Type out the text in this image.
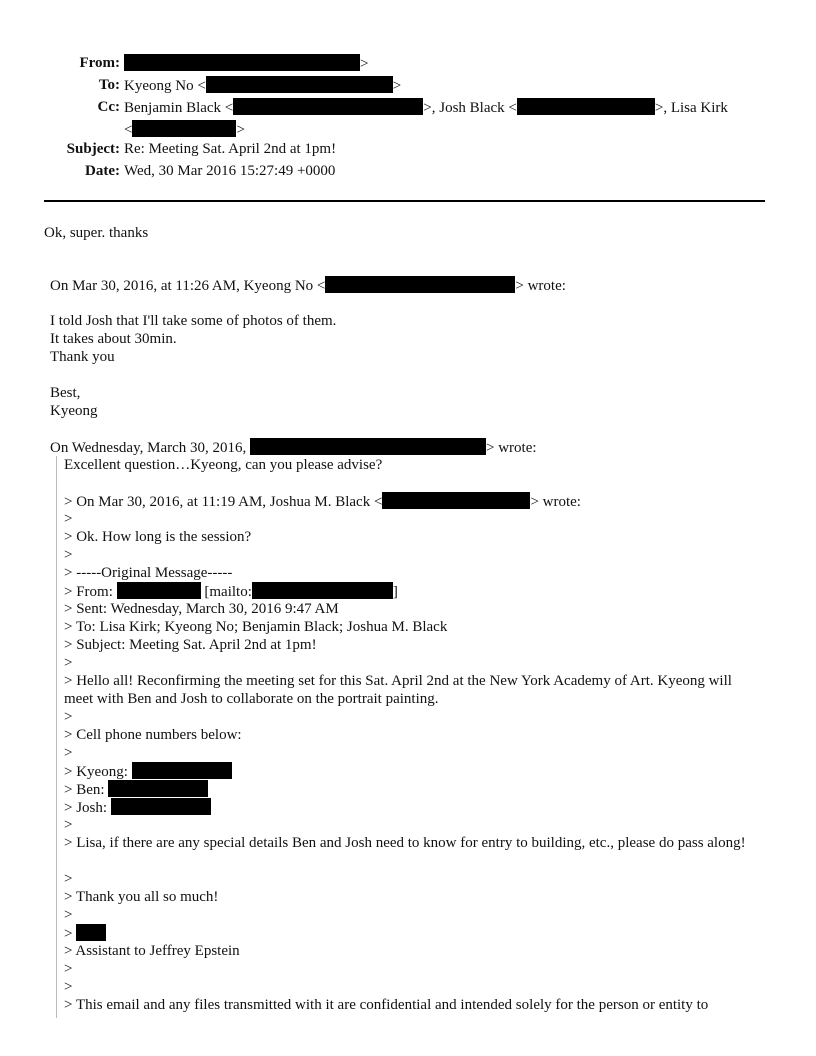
From:	>
To: Kyeong No <	>
Cc: Benjamin Black <	>, Josh Black <	>, Lisa Kirk
<	>
Subject: Re: Meeting Sat. April 2nd at 1pm!
Date: Wed, 30 Mar 2016 15:27:49 +0000
Ok, super. thanks
On Mar 30, 2016, at 11:26 AM, Kyeong No <	> wrote:
I told Josh that I'll take some of photos of them.
It takes about 30min.
Thank you
Best,
Kyeong
On Wednesday, March 30, 2016,	> wrote:
Excellent question…Kyeong, can you please advise?
> On Mar 30, 2016, at 11:19 AM, Joshua M. Black <	> wrote:
>
> Ok. How long is the session?
>
> -----Original Message-----
> From:	[mailto:	]
> Sent: Wednesday, March 30, 2016 9:47 AM
> To: Lisa Kirk; Kyeong No; Benjamin Black; Joshua M. Black
> Subject: Meeting Sat. April 2nd at 1pm!
>
> Hello all! Reconfirming the meeting set for this Sat. April 2nd at the New York Academy of Art. Kyeong will meet with Ben and Josh to collaborate on the portrait painting.
>
> Cell phone numbers below:
>
> Kyeong:
> Ben:
> Josh:
>
> Lisa, if there are any special details Ben and Josh need to know for entry to building, etc., please do pass along!
>
> Thank you all so much!
>
>
> Assistant to Jeffrey Epstein
>
>
> This email and any files transmitted with it are confidential and intended solely for the person or entity to
